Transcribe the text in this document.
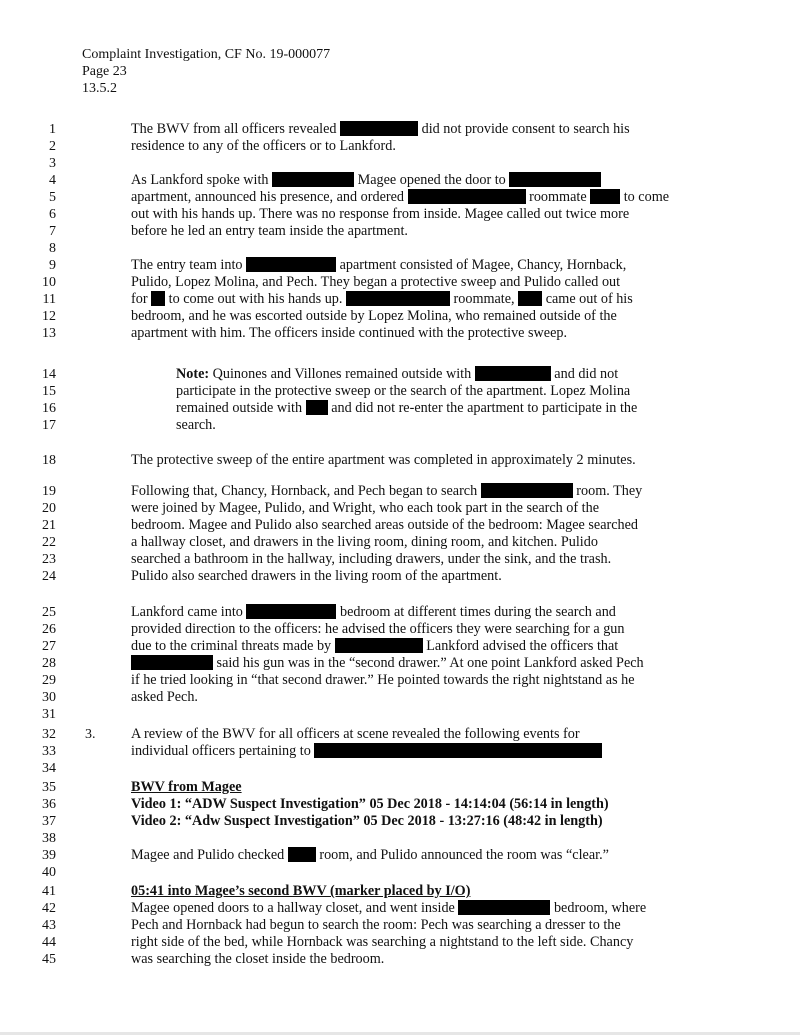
Complaint Investigation, CF No. 19-000077
Page 23
13.5.2
3.
1	The BWV from all officers revealed	did not provide consent to search his
2	residence to any of the officers or to Lankford.
3
4	As Lankford spoke with	Magee opened the door to
5	apartment, announced his presence, and ordered	roommate	to come
6	out with his hands up. There was no response from inside. Magee called out twice more
7	before he led an entry team inside the apartment.
8
9	The entry team into	apartment consisted of Magee, Chancy, Hornback,
10	Pulido, Lopez Molina, and Pech. They began a protective sweep and Pulido called out
11	for to come out with his hands up.	roommate, came out of his
12	bedroom, and he was escorted outside by Lopez Molina, who remained outside of the
13	apartment with him. The officers inside continued with the protective sweep.
14	Note: Quinones and Villones remained outside with	and did not
15	participate in the protective sweep or the search of the apartment. Lopez Molina
16	remained outside with and did not re-enter the apartment to participate in the
17	search.
18	The protective sweep of the entire apartment was completed in approximately 2 minutes.
19	Following that, Chancy, Hornback, and Pech began to search	room. They
20	were joined by Magee, Pulido, and Wright, who each took part in the search of the
21	bedroom. Magee and Pulido also searched areas outside of the bedroom: Magee searched
22	a hallway closet, and drawers in the living room, dining room, and kitchen. Pulido
23	searched a bathroom in the hallway, including drawers, under the sink, and the trash.
24	Pulido also searched drawers in the living room of the apartment.
25	Lankford came into	bedroom at different times during the search and
26	provided direction to the officers: he advised the officers they were searching for a gun
27	due to the criminal threats made by	Lankford advised the officers that
28	said his gun was in the “second drawer.” At one point Lankford asked Pech
29	if he tried looking in “that second drawer.” He pointed towards the right nightstand as he
30	asked Pech.
31
32	A review of the BWV for all officers at scene revealed the following events for
33	individual officers pertaining to
34
35	BWV from Magee
36	Video 1: “ADW Suspect Investigation” 05 Dec 2018 - 14:14:04 (56:14 in length)
37	Video 2: “Adw Suspect Investigation” 05 Dec 2018 - 13:27:16 (48:42 in length)
38
39	Magee and Pulido checked room, and Pulido announced the room was “clear.”
40
41	05:41 into Magee’s second BWV (marker placed by I/O)
42	Magee opened doors to a hallway closet, and went inside	bedroom, where
43	Pech and Hornback had begun to search the room: Pech was searching a dresser to the
44	right side of the bed, while Hornback was searching a nightstand to the left side. Chancy
45	was searching the closet inside the bedroom.
